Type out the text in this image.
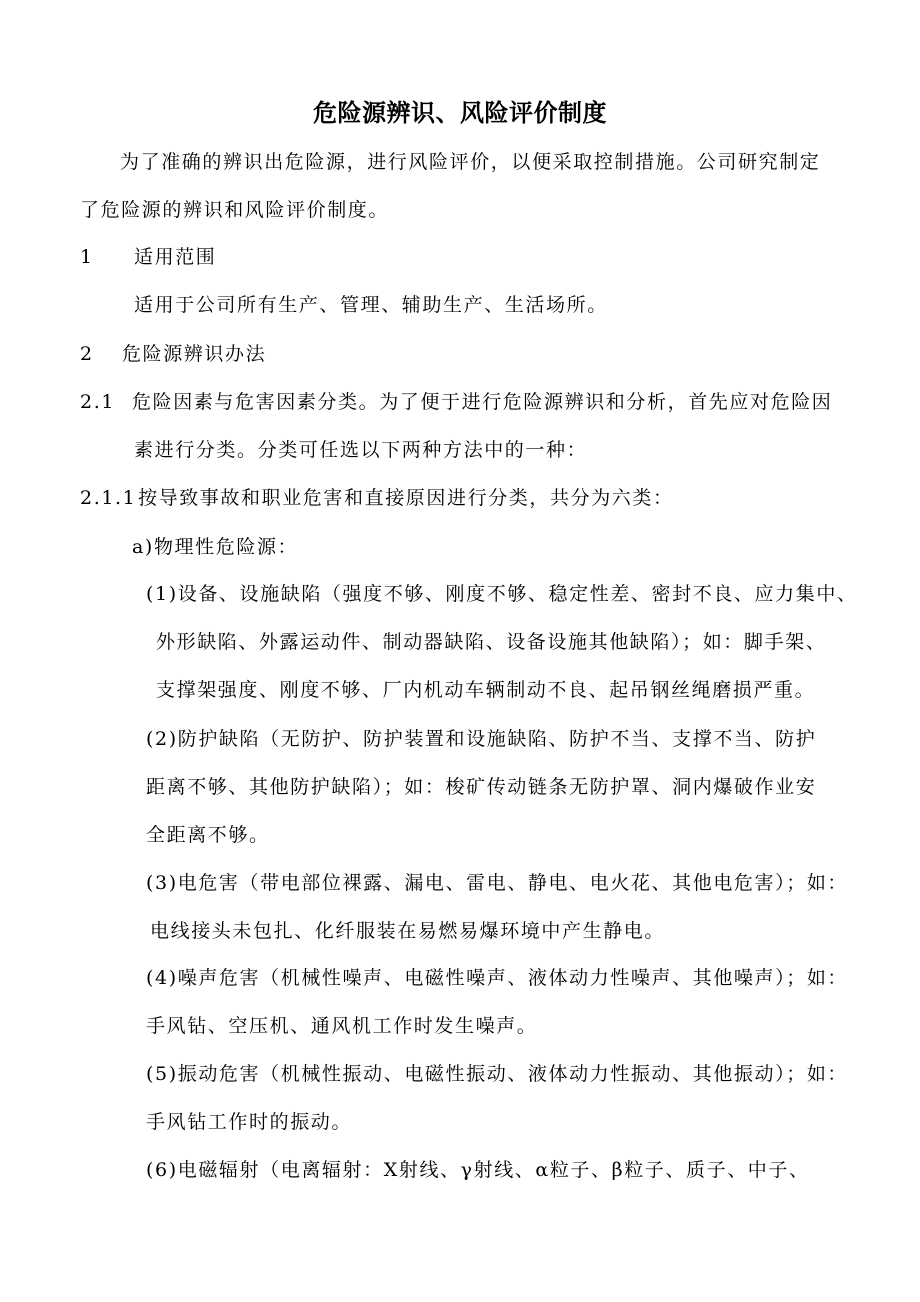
危险源辨识、风险评价制度
为了准确的辨识出危险源，进行风险评价，以便采取控制措施。公司研究制定
了危险源的辨识和风险评价制度。
1 适用范围
适用于公司所有生产、管理、辅助生产、生活场所。
2 危险源辨识办法
2.1 危险因素与危害因素分类。为了便于进行危险源辨识和分析，首先应对危险因
素进行分类。分类可任选以下两种方法中的一种：
2.1.1按导致事故和职业危害和直接原因进行分类，共分为六类：
a)物理性危险源：
(1)设备、设施缺陷（强度不够、刚度不够、稳定性差、密封不良、应力集中、
外形缺陷、外露运动件、制动器缺陷、设备设施其他缺陷）；如：脚手架、
支撑架强度、刚度不够、厂内机动车辆制动不良、起吊钢丝绳磨损严重。
(2)防护缺陷（无防护、防护装置和设施缺陷、防护不当、支撑不当、防护
距离不够、其他防护缺陷）；如：梭矿传动链条无防护罩、洞内爆破作业安
全距离不够。
(3)电危害（带电部位裸露、漏电、雷电、静电、电火花、其他电危害）；如：
电线接头未包扎、化纤服装在易燃易爆环境中产生静电。
(4)噪声危害（机械性噪声、电磁性噪声、液体动力性噪声、其他噪声）；如：
手风钻、空压机、通风机工作时发生噪声。
(5)振动危害（机械性振动、电磁性振动、液体动力性振动、其他振动）；如：
手风钻工作时的振动。
(6)电磁辐射（电离辐射：X射线、γ射线、α粒子、β粒子、质子、中子、
